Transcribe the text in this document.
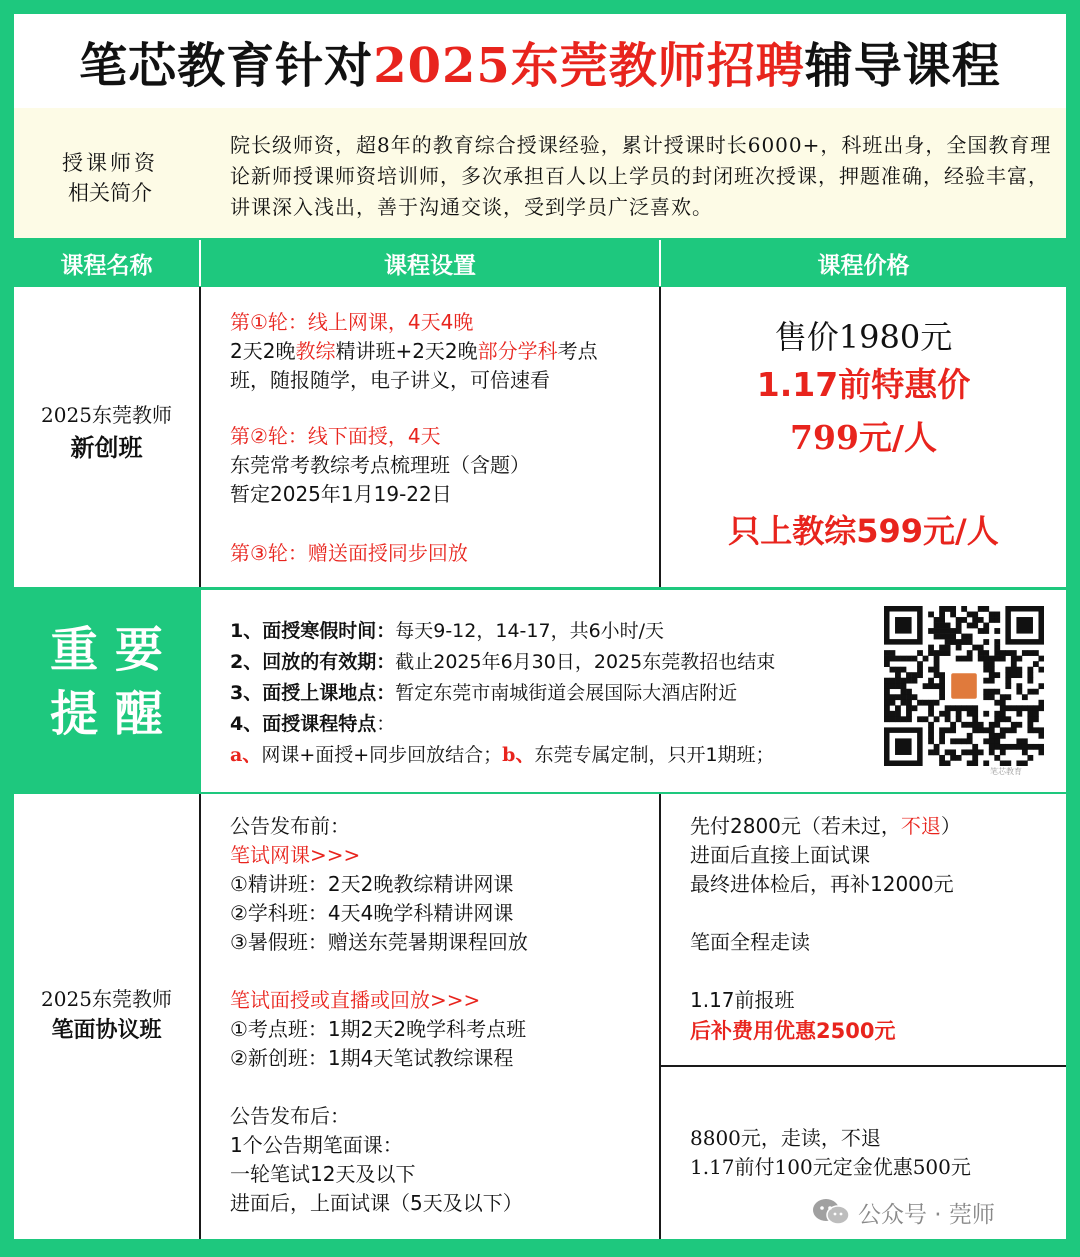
笔芯教育针对 2025东莞教师招聘 辅导课程
授课师资
相关简介
院长级师资，超8年的教育综合授课经验，累计授课时长6000+，科班出身，全国教育理论新师授课师资培训师，多次承担百人以上学员的封闭班次授课，押题准确，经验丰富，讲课深入浅出，善于沟通交谈，受到学员广泛喜欢。
课程名称	课程设置	课程价格
2025东莞教师
新创班
第①轮：线上网课，4天4晚
2天2晚教综精讲班+2天2晚部分学科考点
班，随报随学，电子讲义，可倍速看
第②轮：线下面授，4天
东莞常考教综考点梳理班（含题）
暂定2025年1月19-22日
第③轮：赠送面授同步回放
售价1980元
1.17前特惠价
799元/人
只上教综599元/人
重 要
提 醒
1、面授寒假时间：每天9-12，14-17，共6小时/天
2、回放的有效期：截止2025年6月30日，2025东莞教招也结束
3、面授上课地点：暂定东莞市南城街道会展国际大酒店附近
4、面授课程特点：
a、网课+面授+同步回放结合；b、东莞专属定制，只开1期班；
笔芯教育
2025东莞教师
笔面协议班
公告发布前：
笔试网课>>>
①精讲班：2天2晚教综精讲网课
②学科班：4天4晚学科精讲网课
③暑假班：赠送东莞暑期课程回放
笔试面授或直播或回放>>>
①考点班：1期2天2晚学科考点班
②新创班：1期4天笔试教综课程
公告发布后：
1个公告期笔面课：
一轮笔试12天及以下
进面后，上面试课（5天及以下）
先付2800元（若未过，不退）
进面后直接上面试课
最终进体检后，再补12000元
笔面全程走读
1.17前报班
后补费用优惠2500元
8800元，走读，不退
1.17前付100元定金优惠500元
公众号 · 莞师
